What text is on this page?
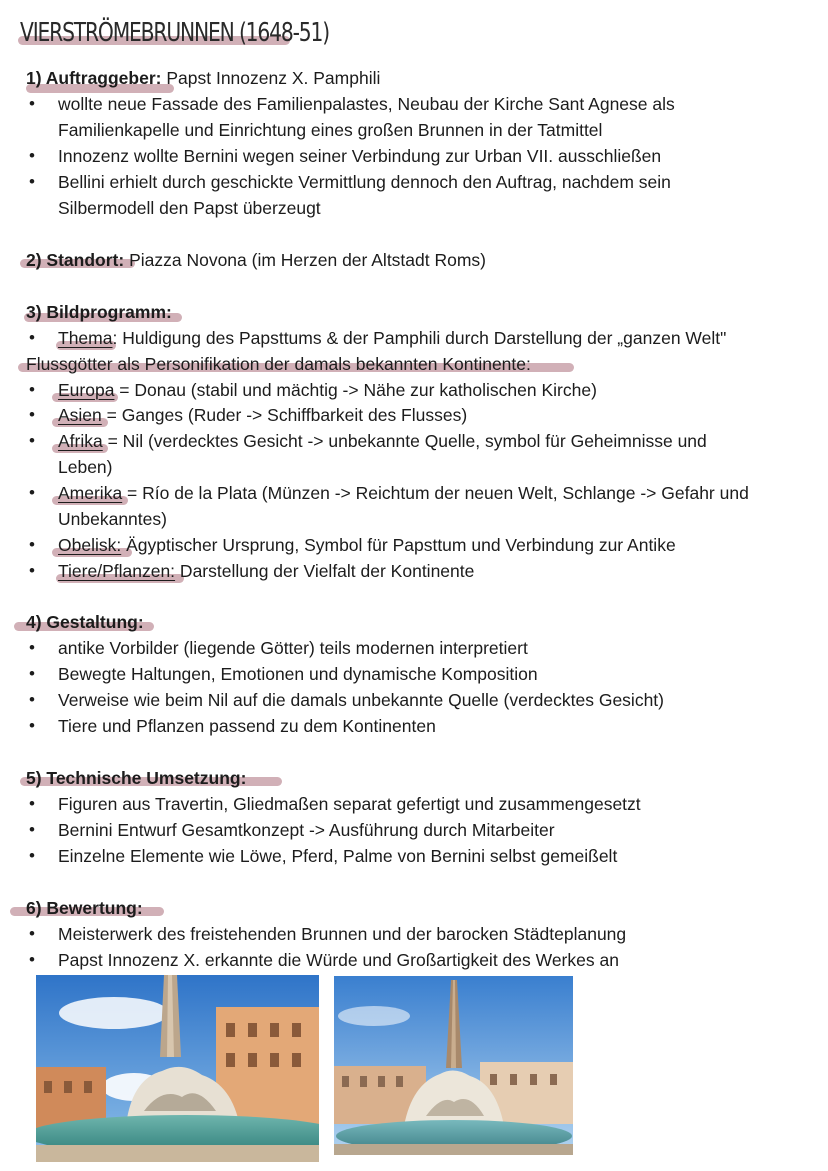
VIERSTRÖMEBRUNNEN (1648-51)
1) Auftraggeber: Papst Innozenz X. Pamphili
• wollte neue Fassade des Familienpalastes, Neubau der Kirche Sant Agnese als
Familienkapelle und Einrichtung eines großen Brunnen in der Tatmittel
• Innozenz wollte Bernini wegen seiner Verbindung zur Urban VII. ausschließen
• Bellini erhielt durch geschickte Vermittlung dennoch den Auftrag, nachdem sein
Silbermodell den Papst überzeugt
2) Standort: Piazza Novona (im Herzen der Altstadt Roms)
3) Bildprogramm:
• Thema: Huldigung des Papsttums & der Pamphili durch Darstellung der „ganzen Welt"
Flussgötter als Personifikation der damals bekannten Kontinente:
• Europa = Donau (stabil und mächtig -> Nähe zur katholischen Kirche)
• Asien = Ganges (Ruder -> Schiffbarkeit des Flusses)
• Afrika = Nil (verdecktes Gesicht -> unbekannte Quelle, symbol für Geheimnisse und
Leben)
• Amerika = Río de la Plata (Münzen -> Reichtum der neuen Welt, Schlange -> Gefahr und
Unbekanntes)
• Obelisk: Ägyptischer Ursprung, Symbol für Papsttum und Verbindung zur Antike
• Tiere/Pflanzen: Darstellung der Vielfalt der Kontinente
4) Gestaltung:
• antike Vorbilder (liegende Götter) teils modernen interpretiert
• Bewegte Haltungen, Emotionen und dynamische Komposition
• Verweise wie beim Nil auf die damals unbekannte Quelle (verdecktes Gesicht)
• Tiere und Pflanzen passend zu dem Kontinenten
5) Technische Umsetzung:
• Figuren aus Travertin, Gliedmaßen separat gefertigt und zusammengesetzt
• Bernini Entwurf Gesamtkonzept -> Ausführung durch Mitarbeiter
• Einzelne Elemente wie Löwe, Pferd, Palme von Bernini selbst gemeißelt
6) Bewertung:
• Meisterwerk des freistehenden Brunnen und der barocken Städteplanung
• Papst Innozenz X. erkannte die Würde und Großartigkeit des Werkes an
